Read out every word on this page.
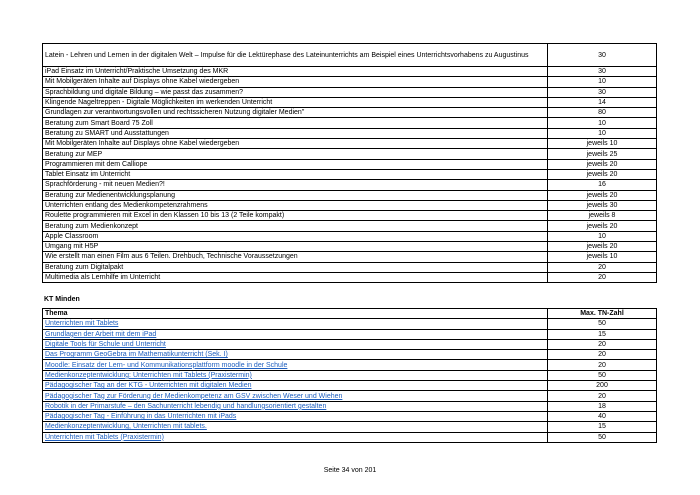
Latein - Lehren und Lernen in der digitalen Welt – Impulse für die Lektürephase des Lateinunterrichts am Beispiel eines Unterrichtsvorhabens zu Augustinus	30
iPad Einsatz im Unterricht/Praktische Umsetzung des MKR	30
Mit Mobilgeräten Inhalte auf Displays ohne Kabel wiedergeben	10
Sprachbildung und digitale Bildung – wie passt das zusammen?	30
Klingende Nageltreppen - Digitale Möglichkeiten im werkenden Unterricht	14
Grundlagen zur verantwortungsvollen und rechtssicheren Nutzung digitaler Medien"	80
Beratung zum Smart Board 75 Zoll	10
Beratung zu SMART und Ausstattungen	10
Mit Mobilgeräten Inhalte auf Displays ohne Kabel wiedergeben	jeweils 10
Beratung zur MEP	jeweils 25
Programmieren mit dem Calliope	jeweils 20
Tablet Einsatz im Unterricht	jeweils 20
Sprachförderung - mit neuen Medien?!	16
Beratung zur Medienentwicklungsplanung	jeweils 20
Unterrichten entlang des Medienkompetenzrahmens	jeweils 30
Roulette programmieren mit Excel in den Klassen 10 bis 13 (2 Teile kompakt)	jeweils 8
Beratung zum Medienkonzept	jeweils 20
Apple Classroom	10
Umgang mit H5P	jeweils 20
Wie erstellt man einen Film aus 6 Teilen. Drehbuch, Technische Voraussetzungen	jeweils 10
Beratung zum Digitalpakt	20
Multimedia als Lernhilfe im Unterricht	20
KT Minden
Thema	Max. TN-Zahl
Unterrichten mit Tablets	50
Grundlagen der Arbeit mit dem iPad	15
Digitale Tools für Schule und Unterricht	20
Das Programm GeoGebra im Mathematikunterricht (Sek. I)	20
Moodle: Einsatz der Lern- und Kommunikationsplattform moodle in der Schule	20
Medienkonzeptentwicklung: Unterrichten mit Tablets (Praxistermin)	50
Pädagogischer Tag an der KTG - Unterrichten mit digitalen Medien	200
Pädagogischer Tag zur Förderung der Medienkompetenz am GSV zwischen Weser und Wiehen	20
Robotik in der Primarstufe – den Sachunterricht lebendig und handlungsorientiert gestalten	18
Pädagogischer Tag - Einführung in das Unterrichten mit iPads	40
Medienkonzeptentwicklung, Unterrichten mit tablets.	15
Unterrichten mit Tablets (Praxistermin)	50
Seite 34 von 201
